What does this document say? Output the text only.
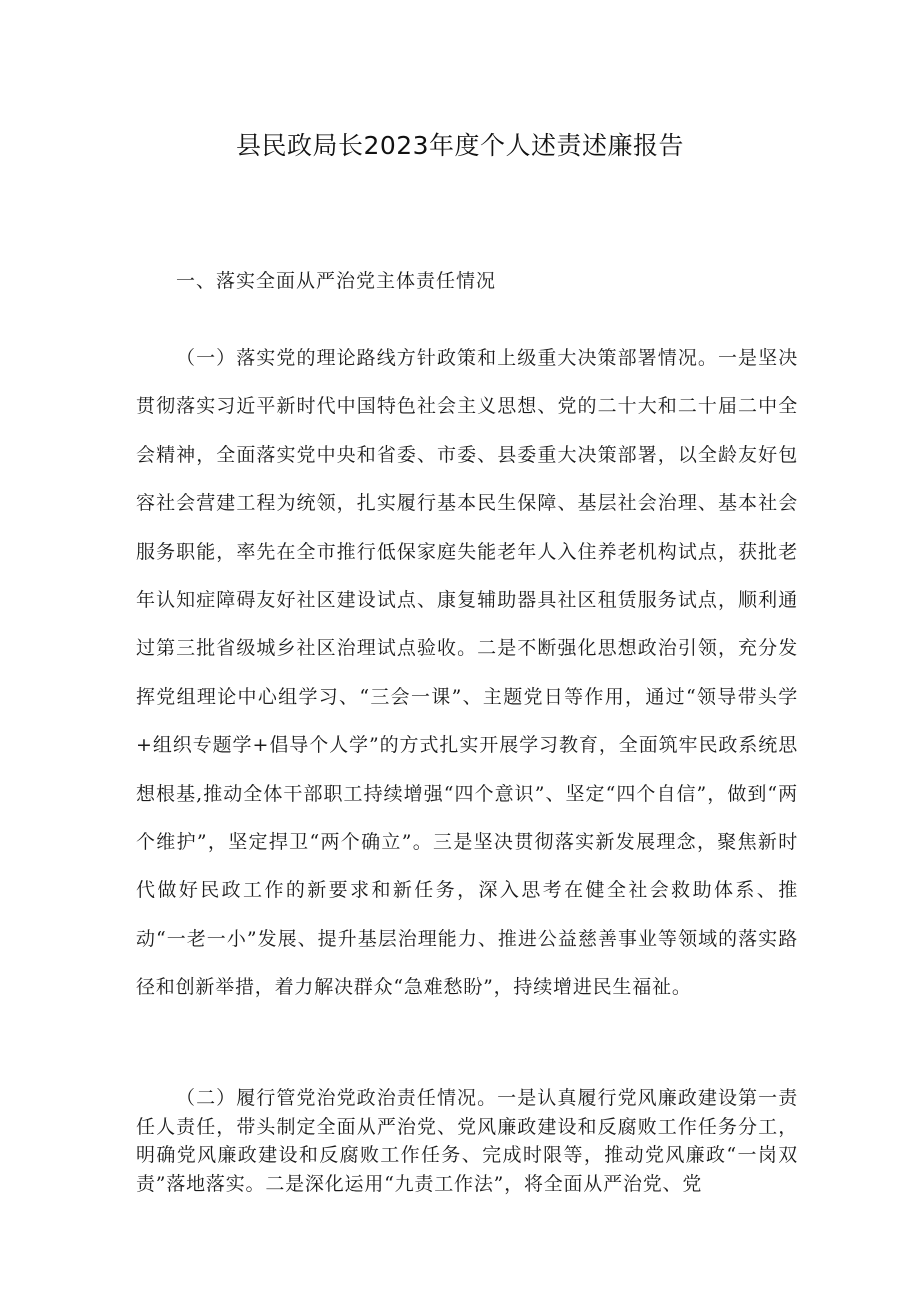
县民政局长2023年度个人述责述廉报告
一、落实全面从严治党主体责任情况

（一）落实党的理论路线方针政策和上级重大决策部署情况。一是坚决贯彻落实习近平新时代中国特色社会主义思想、党的二十大和二十届二中全会精神，全面落实党中央和省委、市委、县委重大决策部署，以全龄友好包容社会营建工程为统领，扎实履行基本民生保障、基层社会治理、基本社会服务职能，率先在全市推行低保家庭失能老年人入住养老机构试点，获批老年认知症障碍友好社区建设试点、康复辅助器具社区租赁服务试点，顺利通过第三批省级城乡社区治理试点验收。二是不断强化思想政治引领，充分发挥党组理论中心组学习、“三会一课”、主题党日等作用，通过“领导带头学+组织专题学+倡导个人学”的方式扎实开展学习教育，全面筑牢民政系统思想根基,推动全体干部职工持续增强“四个意识”、坚定“四个自信”，做到“两个维护”，坚定捍卫“两个确立”。三是坚决贯彻落实新发展理念，聚焦新时代做好民政工作的新要求和新任务，深入思考在健全社会救助体系、推动“一老一小”发展、提升基层治理能力、推进公益慈善事业等领域的落实路径和创新举措，着力解决群众“急难愁盼”，持续增进民生福祉。

（二）履行管党治党政治责任情况。一是认真履行党风廉政建设第一责任人责任，带头制定全面从严治党、党风廉政建设和反腐败工作任务分工，明确党风廉政建设和反腐败工作任务、完成时限等，推动党风廉政“一岗双责”落地落实。二是深化运用“九责工作法”，将全面从严治党、党
